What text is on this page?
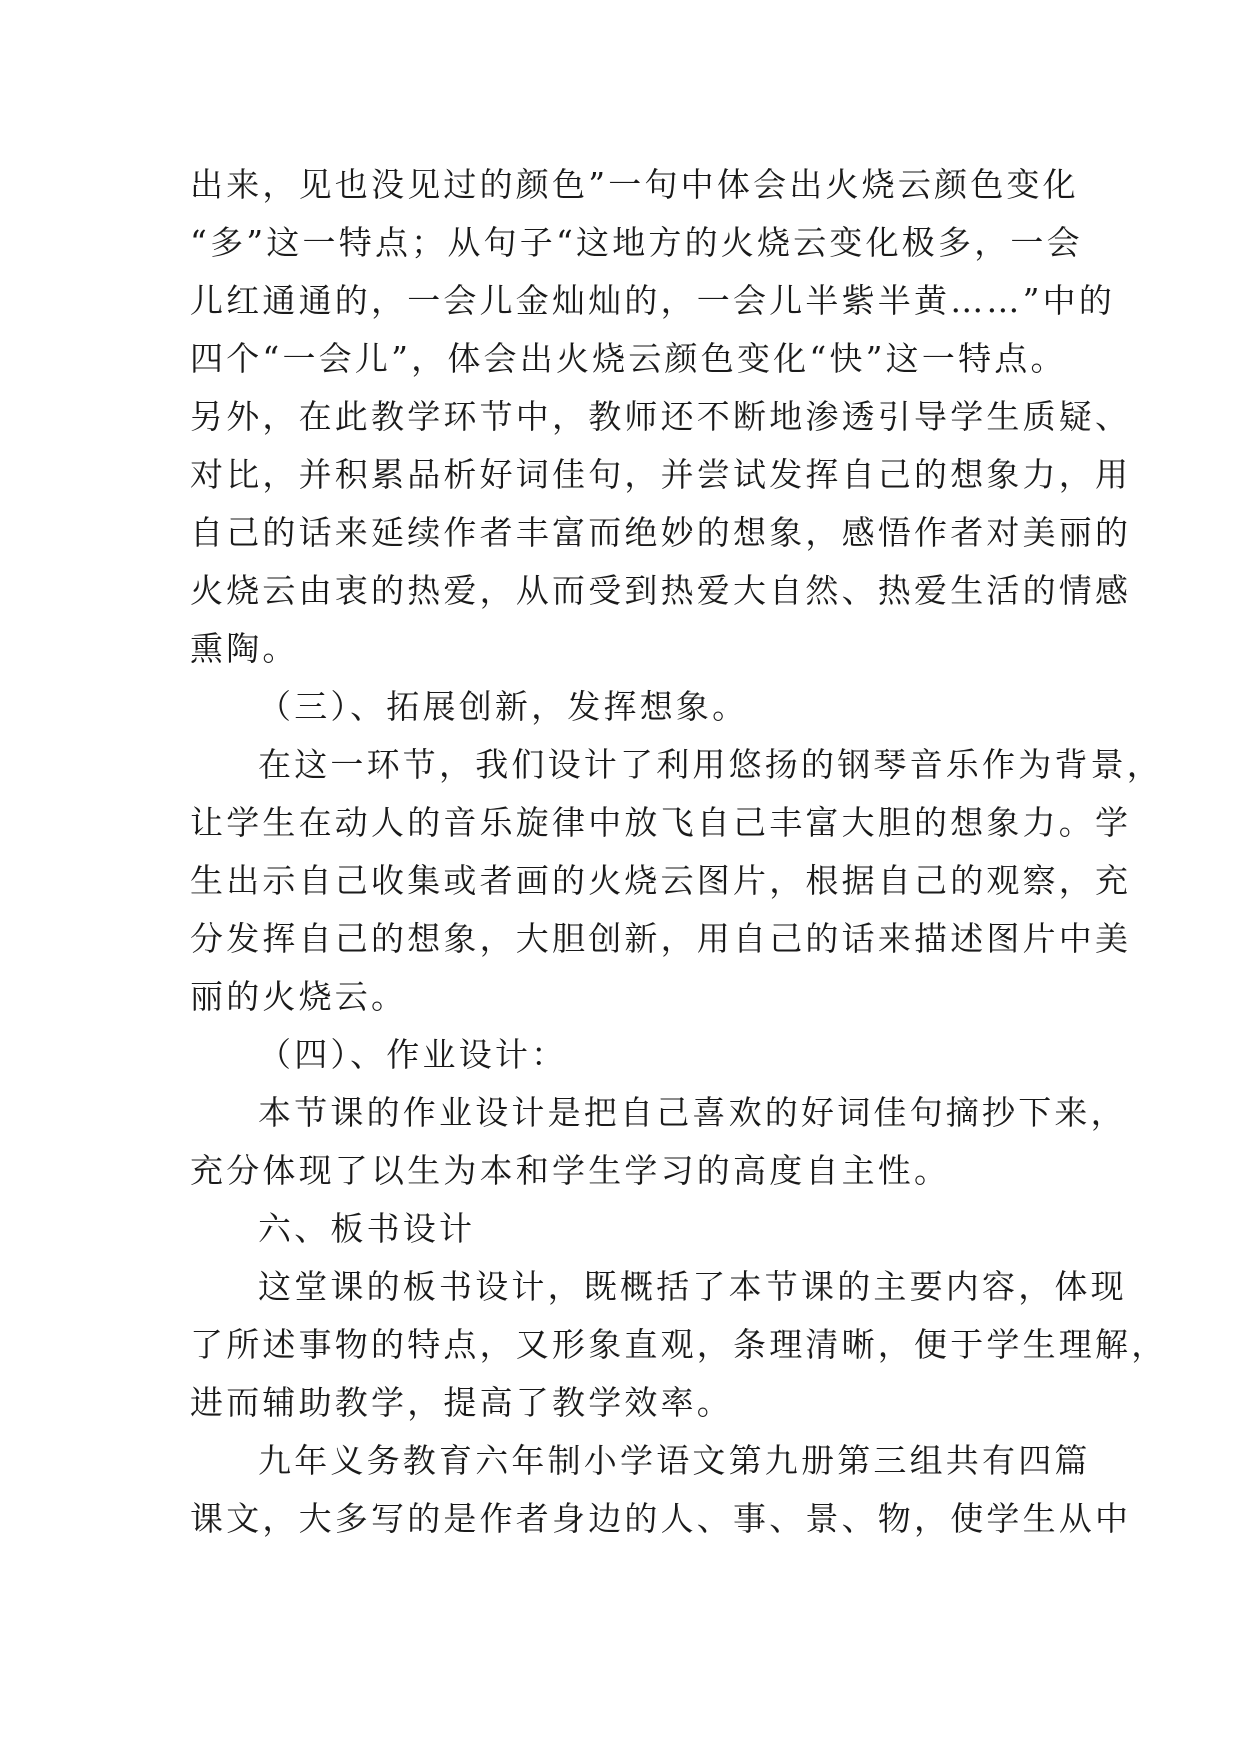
出来，见也没见过的颜色”一句中体会出火烧云颜色变化
“多”这一特点；从句子“这地方的火烧云变化极多，一会
儿红通通的，一会儿金灿灿的，一会儿半紫半黄……”中的
四个“一会儿”，体会出火烧云颜色变化“快”这一特点。
另外，在此教学环节中，教师还不断地渗透引导学生质疑、
对比，并积累品析好词佳句，并尝试发挥自己的想象力，用
自己的话来延续作者丰富而绝妙的想象，感悟作者对美丽的
火烧云由衷的热爱，从而受到热爱大自然、热爱生活的情感
熏陶。
（三）、拓展创新，发挥想象。
在这一环节，我们设计了利用悠扬的钢琴音乐作为背景，
让学生在动人的音乐旋律中放飞自己丰富大胆的想象力。学
生出示自己收集或者画的火烧云图片，根据自己的观察，充
分发挥自己的想象，大胆创新，用自己的话来描述图片中美
丽的火烧云。
（四）、作业设计：
本节课的作业设计是把自己喜欢的好词佳句摘抄下来，
充分体现了以生为本和学生学习的高度自主性。
六、板书设计
这堂课的板书设计，既概括了本节课的主要内容，体现
了所述事物的特点，又形象直观，条理清晰，便于学生理解，
进而辅助教学，提高了教学效率。
九年义务教育六年制小学语文第九册第三组共有四篇
课文，大多写的是作者身边的人、事、景、物，使学生从中
